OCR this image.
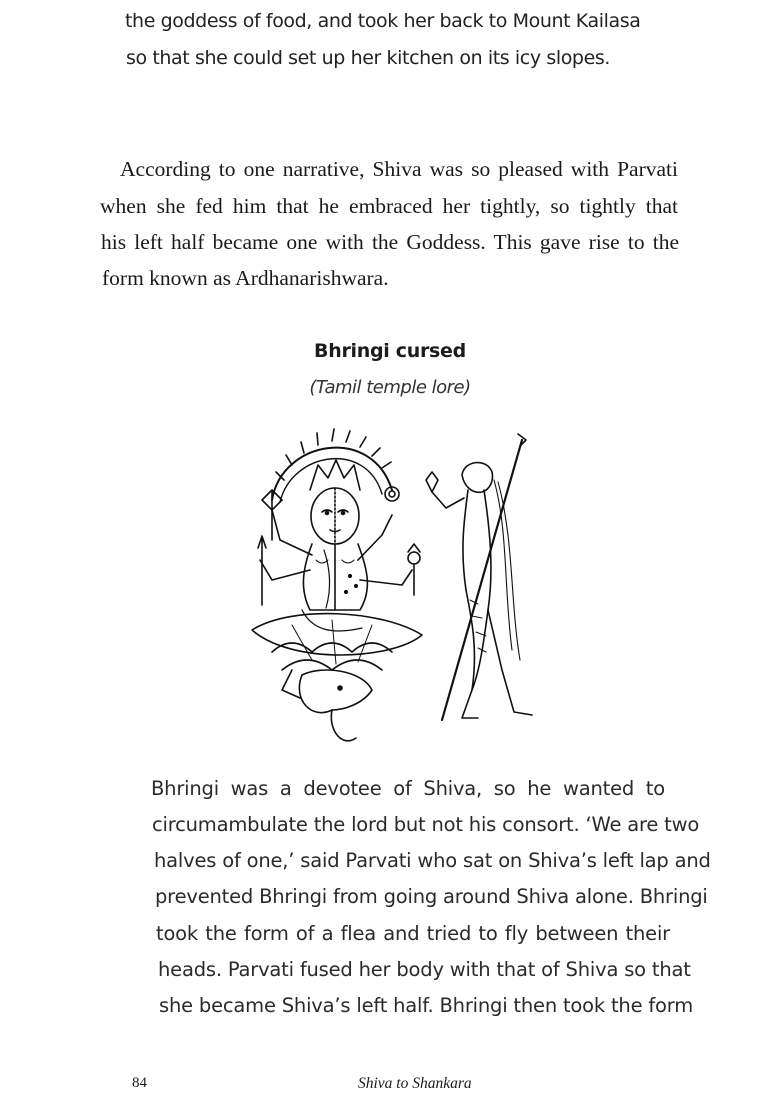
the goddess of food, and took her back to Mount Kailasa
so that she could set up her kitchen on its icy slopes.
According to one narrative, Shiva was so pleased with Parvati
when she fed him that he embraced her tightly, so tightly that
his left half became one with the Goddess. This gave rise to the
form known as Ardhanarishwara.
Bhringi cursed
(Tamil temple lore)
Bhringi was a devotee of Shiva, so he wanted to
circumambulate the lord but not his consort. ‘We are two
halves of one,’ said Parvati who sat on Shiva’s left lap and
prevented Bhringi from going around Shiva alone. Bhringi
took the form of a flea and tried to fly between their
heads. Parvati fused her body with that of Shiva so that
she became Shiva’s left half. Bhringi then took the form
84	Shiva to Shankara
